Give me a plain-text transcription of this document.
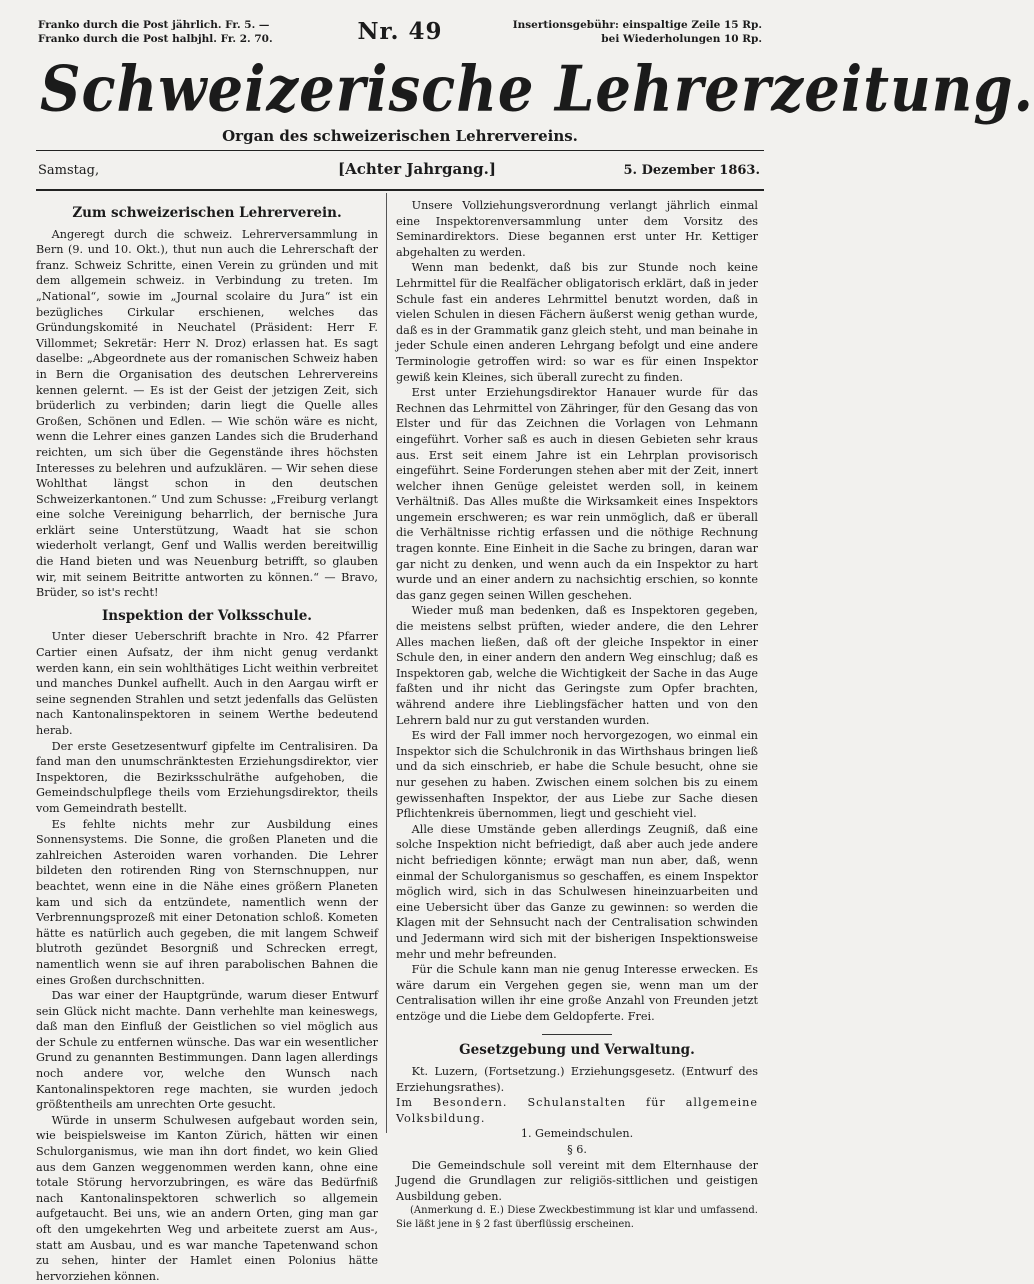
Franko durch die Post jährlich. Fr. 5. —
Franko durch die Post halbjhl. Fr. 2. 70.	Nr. 49	Insertionsgebühr: einspaltige Zeile 15 Rp.
bei Wiederholungen 10 Rp.
Schweizerische Lehrerzeitung.
Organ des schweizerischen Lehrervereins.
Samstag,	[Achter Jahrgang.]	5. Dezember 1863.
Zum schweizerischen Lehrerverein.

Angeregt durch die schweiz. Lehrerversammlung in Bern (9. und 10. Okt.), thut nun auch die Lehrerschaft der franz. Schweiz Schritte, einen Verein zu gründen und mit dem allgemein schweiz. in Verbindung zu treten. Im „National“, sowie im „Journal scolaire du Jura“ ist ein bezügliches Cirkular erschienen, welches das Gründungskomité in Neuchatel (Präsident: Herr F. Villommet; Sekretär: Herr N. Droz) erlassen hat. Es sagt daselbe: „Abgeordnete aus der romanischen Schweiz haben in Bern die Organisation des deutschen Lehrervereins kennen gelernt. — Es ist der Geist der jetzigen Zeit, sich brüderlich zu verbinden; darin liegt die Quelle alles Großen, Schönen und Edlen. — Wie schön wäre es nicht, wenn die Lehrer eines ganzen Landes sich die Bruderhand reichten, um sich über die Gegenstände ihres höchsten Interesses zu belehren und aufzuklären. — Wir sehen diese Wohlthat längst schon in den deutschen Schweizerkantonen.“ Und zum Schusse: „Freiburg verlangt eine solche Vereinigung beharrlich, der bernische Jura erklärt seine Unterstützung, Waadt hat sie schon wiederholt verlangt, Genf und Wallis werden bereitwillig die Hand bieten und was Neuenburg betrifft, so glauben wir, mit seinem Beitritte antworten zu können.“ — Bravo, Brüder, so ist's recht!

Inspektion der Volksschule.

Unter dieser Ueberschrift brachte in Nro. 42 Pfarrer Cartier einen Aufsatz, der ihm nicht genug verdankt werden kann, ein sein wohlthätiges Licht weithin verbreitet und manches Dunkel aufhellt. Auch in den Aargau wirft er seine segnenden Strahlen und setzt jedenfalls das Gelüsten nach Kantonalinspektoren in seinem Werthe bedeutend herab.

Der erste Gesetzesentwurf gipfelte im Centralisiren. Da fand man den unumschränktesten Erziehungsdirektor, vier Inspektoren, die Bezirksschulräthe aufgehoben, die Gemeindschulpflege theils vom Erziehungsdirektor, theils vom Gemeindrath bestellt.

Es fehlte nichts mehr zur Ausbildung eines Sonnensystems. Die Sonne, die großen Planeten und die zahlreichen Asteroiden waren vorhanden. Die Lehrer bildeten den rotirenden Ring von Sternschnuppen, nur beachtet, wenn eine in die Nähe eines größern Planeten kam und sich da entzündete, namentlich wenn der Verbrennungsprozeß mit einer Detonation schloß. Kometen hätte es natürlich auch gegeben, die mit langem Schweif blutroth gezündet Besorgniß und Schrecken erregt, namentlich wenn sie auf ihren parabolischen Bahnen die eines Großen durchschnitten.

Das war einer der Hauptgründe, warum dieser Entwurf sein Glück nicht machte. Dann verhehlte man keineswegs, daß man den Einfluß der Geistlichen so viel möglich aus der Schule zu entfernen wünsche. Das war ein wesentlicher Grund zu genannten Bestimmungen. Dann lagen allerdings noch andere vor, welche den Wunsch nach Kantonalinspektoren rege machten, sie wurden jedoch größtentheils am unrechten Orte gesucht.

Würde in unserm Schulwesen aufgebaut worden sein, wie beispielsweise im Kanton Zürich, hätten wir einen Schulorganismus, wie man ihn dort findet, wo kein Glied aus dem Ganzen weggenommen werden kann, ohne eine totale Störung hervorzubringen, es wäre das Bedürfniß nach Kantonalinspektoren schwerlich so allgemein aufgetaucht. Bei uns, wie an andern Orten, ging man gar oft den umgekehrten Weg und arbeitete zuerst am Aus-, statt am Ausbau, und es war manche Tapetenwand schon zu sehen, hinter der Hamlet einen Polonius hätte hervorziehen können.

Unsere Vollziehungsverordnung verlangt jährlich einmal eine Inspektorenversammlung unter dem Vorsitz des Seminardirektors. Diese begannen erst unter Hr. Kettiger abgehalten zu werden.

Wenn man bedenkt, daß bis zur Stunde noch keine Lehrmittel für die Realfächer obligatorisch erklärt, daß in jeder Schule fast ein anderes Lehrmittel benutzt worden, daß in vielen Schulen in diesen Fächern äußerst wenig gethan wurde, daß es in der Grammatik ganz gleich steht, und man beinahe in jeder Schule einen anderen Lehrgang befolgt und eine andere Terminologie getroffen wird: so war es für einen Inspektor gewiß kein Kleines, sich überall zurecht zu finden.

Erst unter Erziehungsdirektor Hanauer wurde für das Rechnen das Lehrmittel von Zähringer, für den Gesang das von Elster und für das Zeichnen die Vorlagen von Lehmann eingeführt. Vorher saß es auch in diesen Gebieten sehr kraus aus. Erst seit einem Jahre ist ein Lehrplan provisorisch eingeführt. Seine Forderungen stehen aber mit der Zeit, innert welcher ihnen Genüge geleistet werden soll, in keinem Verhältniß. Das Alles mußte die Wirksamkeit eines Inspektors ungemein erschweren; es war rein unmöglich, daß er überall die Verhältnisse richtig erfassen und die nöthige Rechnung tragen konnte. Eine Einheit in die Sache zu bringen, daran war gar nicht zu denken, und wenn auch da ein Inspektor zu hart wurde und an einer andern zu nachsichtig erschien, so konnte das ganz gegen seinen Willen geschehen.

Wieder muß man bedenken, daß es Inspektoren gegeben, die meistens selbst prüften, wieder andere, die den Lehrer Alles machen ließen, daß oft der gleiche Inspektor in einer Schule den, in einer andern den andern Weg einschlug; daß es Inspektoren gab, welche die Wichtigkeit der Sache in das Auge faßten und ihr nicht das Geringste zum Opfer brachten, während andere ihre Lieblingsfächer hatten und von den Lehrern bald nur zu gut verstanden wurden.

Es wird der Fall immer noch hervorgezogen, wo einmal ein Inspektor sich die Schulchronik in das Wirthshaus bringen ließ und da sich einschrieb, er habe die Schule besucht, ohne sie nur gesehen zu haben. Zwischen einem solchen bis zu einem gewissenhaften Inspektor, der aus Liebe zur Sache diesen Pflichtenkreis übernommen, liegt und geschieht viel.

Alle diese Umstände geben allerdings Zeugniß, daß eine solche Inspektion nicht befriedigt, daß aber auch jede andere nicht befriedigen könnte; erwägt man nun aber, daß, wenn einmal der Schulorganismus so geschaffen, es einem Inspektor möglich wird, sich in das Schulwesen hineinzuarbeiten und eine Uebersicht über das Ganze zu gewinnen: so werden die Klagen mit der Sehnsucht nach der Centralisation schwinden und Jedermann wird sich mit der bisherigen Inspektionsweise mehr und mehr befreunden.

Für die Schule kann man nie genug Interesse erwecken. Es wäre darum ein Vergehen gegen sie, wenn man um der Centralisation willen ihr eine große Anzahl von Freunden jetzt entzöge und die Liebe dem Geldopferte. Frei.

Gesetzgebung und Verwaltung.

Kt. Luzern, (Fortsetzung.) Erziehungsgesetz. (Entwurf des Erziehungsrathes).

Im Besondern. Schulanstalten für allgemeine Volksbildung.

1. Gemeindschulen.

§ 6.

Die Gemeindschule soll vereint mit dem Elternhause der Jugend die Grundlagen zur religiös-sittlichen und geistigen Ausbildung geben.

(Anmerkung d. E.) Diese Zweckbestimmung ist klar und umfassend. Sie läßt jene in § 2 fast überflüssig erscheinen.
